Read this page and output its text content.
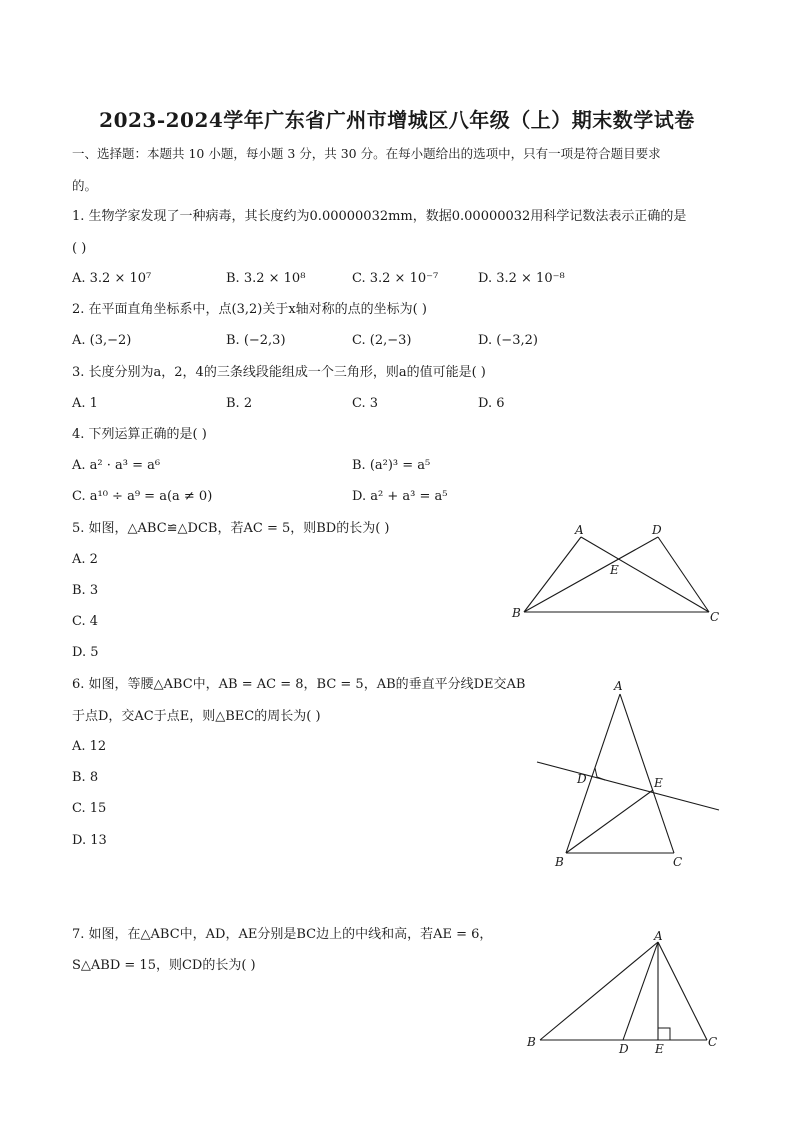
2023-2024学年广东省广州市增城区八年级（上）期末数学试卷
一、选择题：本题共 10 小题，每小题 3 分，共 30 分。在每小题给出的选项中，只有一项是符合题目要求
的。
1. 生物学家发现了一种病毒，其长度约为0.00000032mm，数据0.00000032用科学记数法表示正确的是
( )
A. 3.2 × 10⁷	B. 3.2 × 10⁸	C. 3.2 × 10⁻⁷	D. 3.2 × 10⁻⁸
2. 在平面直角坐标系中，点(3,2)关于x轴对称的点的坐标为( )
A. (3,−2)	B. (−2,3)	C. (2,−3)	D. (−3,2)
3. 长度分别为a，2，4的三条线段能组成一个三角形，则a的值可能是( )
A. 1	B. 2	C. 3	D. 6
4. 下列运算正确的是( )
A. a² · a³ = a⁶	B. (a²)³ = a⁵
C. a¹⁰ ÷ a⁹ = a(a ≠ 0)	D. a² + a³ = a⁵
5. 如图，△ABC≌△DCB，若AC = 5，则BD的长为( )
A. 2
B. 3
C. 4
D. 5
A	D
E
B	C
6. 如图，等腰△ABC中，AB = AC = 8，BC = 5，AB的垂直平分线DE交AB
于点D，交AC于点E，则△BEC的周长为( )
A. 12
B. 8
C. 15
D. 13
A
D	E
B	C
7. 如图，在△ABC中，AD，AE分别是BC边上的中线和高，若AE = 6，
S△ABD = 15，则CD的长为( )
A
B	D E	C
